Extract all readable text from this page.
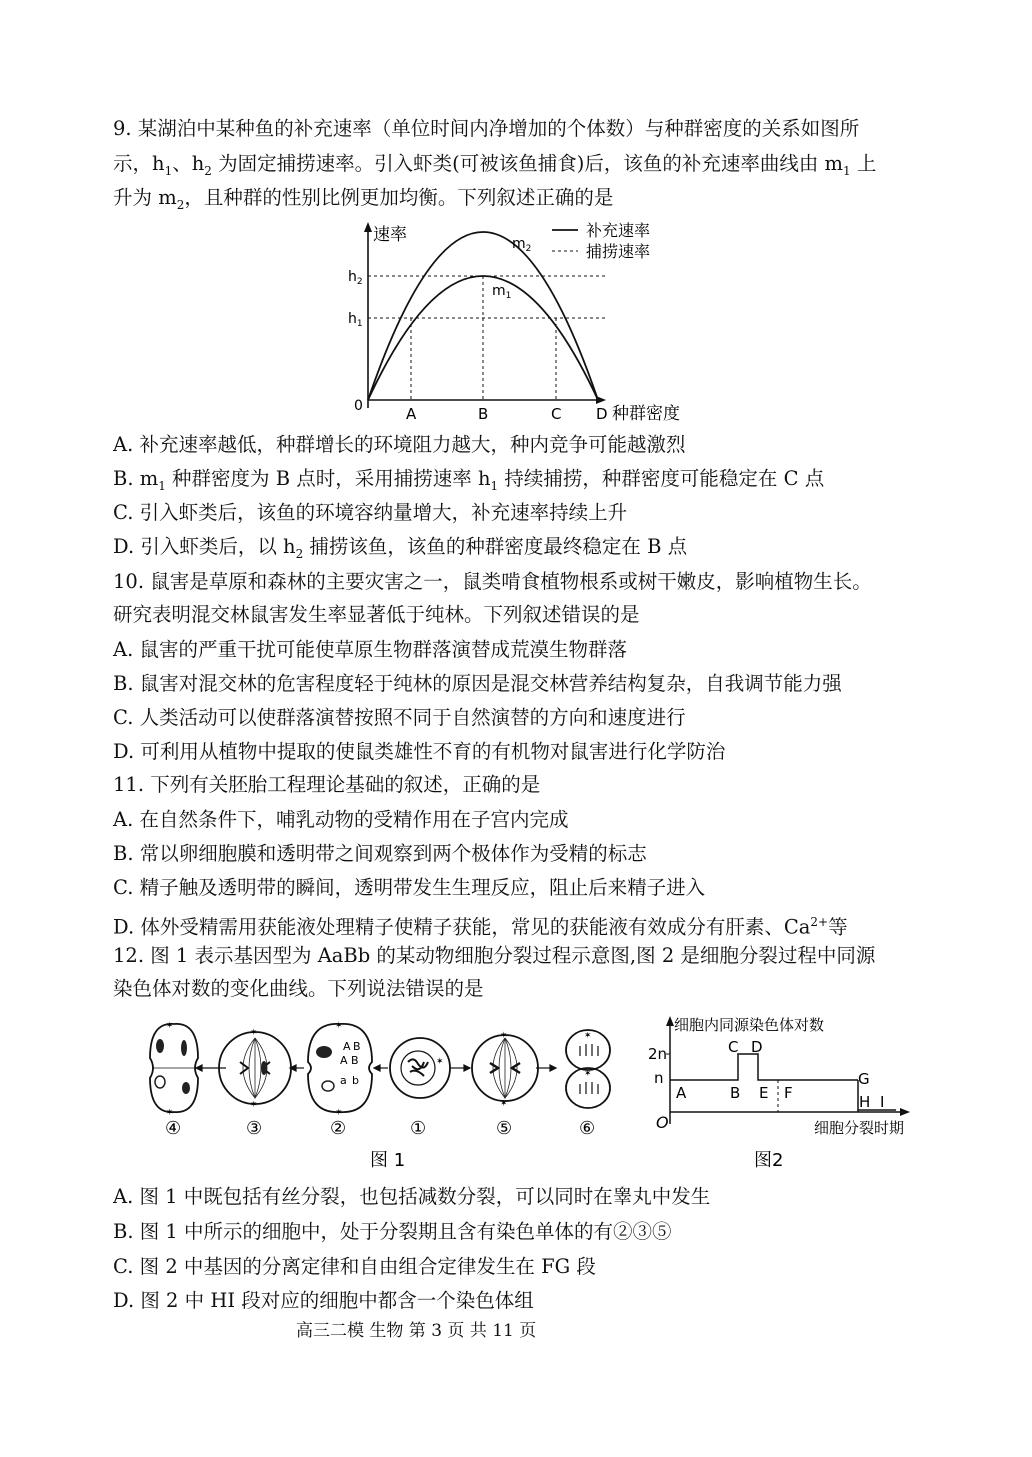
9. 某湖泊中某种鱼的补充速率（单位时间内净增加的个体数）与种群密度的关系如图所
示，$h_1$、$h_2$ 为固定捕捞速率。引入虾类(可被该鱼捕食)后，该鱼的补充速率曲线由 $m_1$ 上
升为 $m_2$，且种群的性别比例更加均衡。下列叙述正确的是
速率
种群密度
0
$h_2$
$h_1$
$m_2$
$m_1$
A	B	C D
补充速率
捕捞速率
A. 补充速率越低，种群增长的环境阻力越大，种内竞争可能越激烈
B. $m_1$ 种群密度为 B 点时，采用捕捞速率 $h_1$ 持续捕捞，种群密度可能稳定在 C 点
C. 引入虾类后，该鱼的环境容纳量增大，补充速率持续上升
D. 引入虾类后，以 $h_2$ 捕捞该鱼，该鱼的种群密度最终稳定在 B 点
10. 鼠害是草原和森林的主要灾害之一，鼠类啃食植物根系或树干嫩皮，影响植物生长。
研究表明混交林鼠害发生率显著低于纯林。下列叙述错误的是
A. 鼠害的严重干扰可能使草原生物群落演替成荒漠生物群落
B. 鼠害对混交林的危害程度轻于纯林的原因是混交林营养结构复杂，自我调节能力强
C. 人类活动可以使群落演替按照不同于自然演替的方向和速度进行
D. 可利用从植物中提取的使鼠类雄性不育的有机物对鼠害进行化学防治
11. 下列有关胚胎工程理论基础的叙述，正确的是
A. 在自然条件下，哺乳动物的受精作用在子宫内完成
B. 常以卵细胞膜和透明带之间观察到两个极体作为受精的标志
C. 精子触及透明带的瞬间，透明带发生生理反应，阻止后来精子进入
D. 体外受精需用获能液处理精子使精子获能，常见的获能液有效成分有肝素、$Ca^{2+}$等
12. 图 1 表示基因型为 AaBb 的某动物细胞分裂过程示意图,图 2 是细胞分裂过程中同源
染色体对数的变化曲线。下列说法错误的是
✶
✶
✶
✶
A B
A B
a b
✶
✶
✶
✶
✶
✶
✶
④	③	②	①	⑤	⑥
图 1
细胞内同源染色体对数
细胞分裂时期
O
2n
n
A	B
C D
E F
G
H I
图2
A. 图 1 中既包括有丝分裂，也包括减数分裂，可以同时在睾丸中发生
B. 图 1 中所示的细胞中，处于分裂期且含有染色单体的有②③⑤
C. 图 2 中基因的分离定律和自由组合定律发生在 FG 段
D. 图 2 中 HI 段对应的细胞中都含一个染色体组
高三二模 生物 第 3 页 共 11 页
